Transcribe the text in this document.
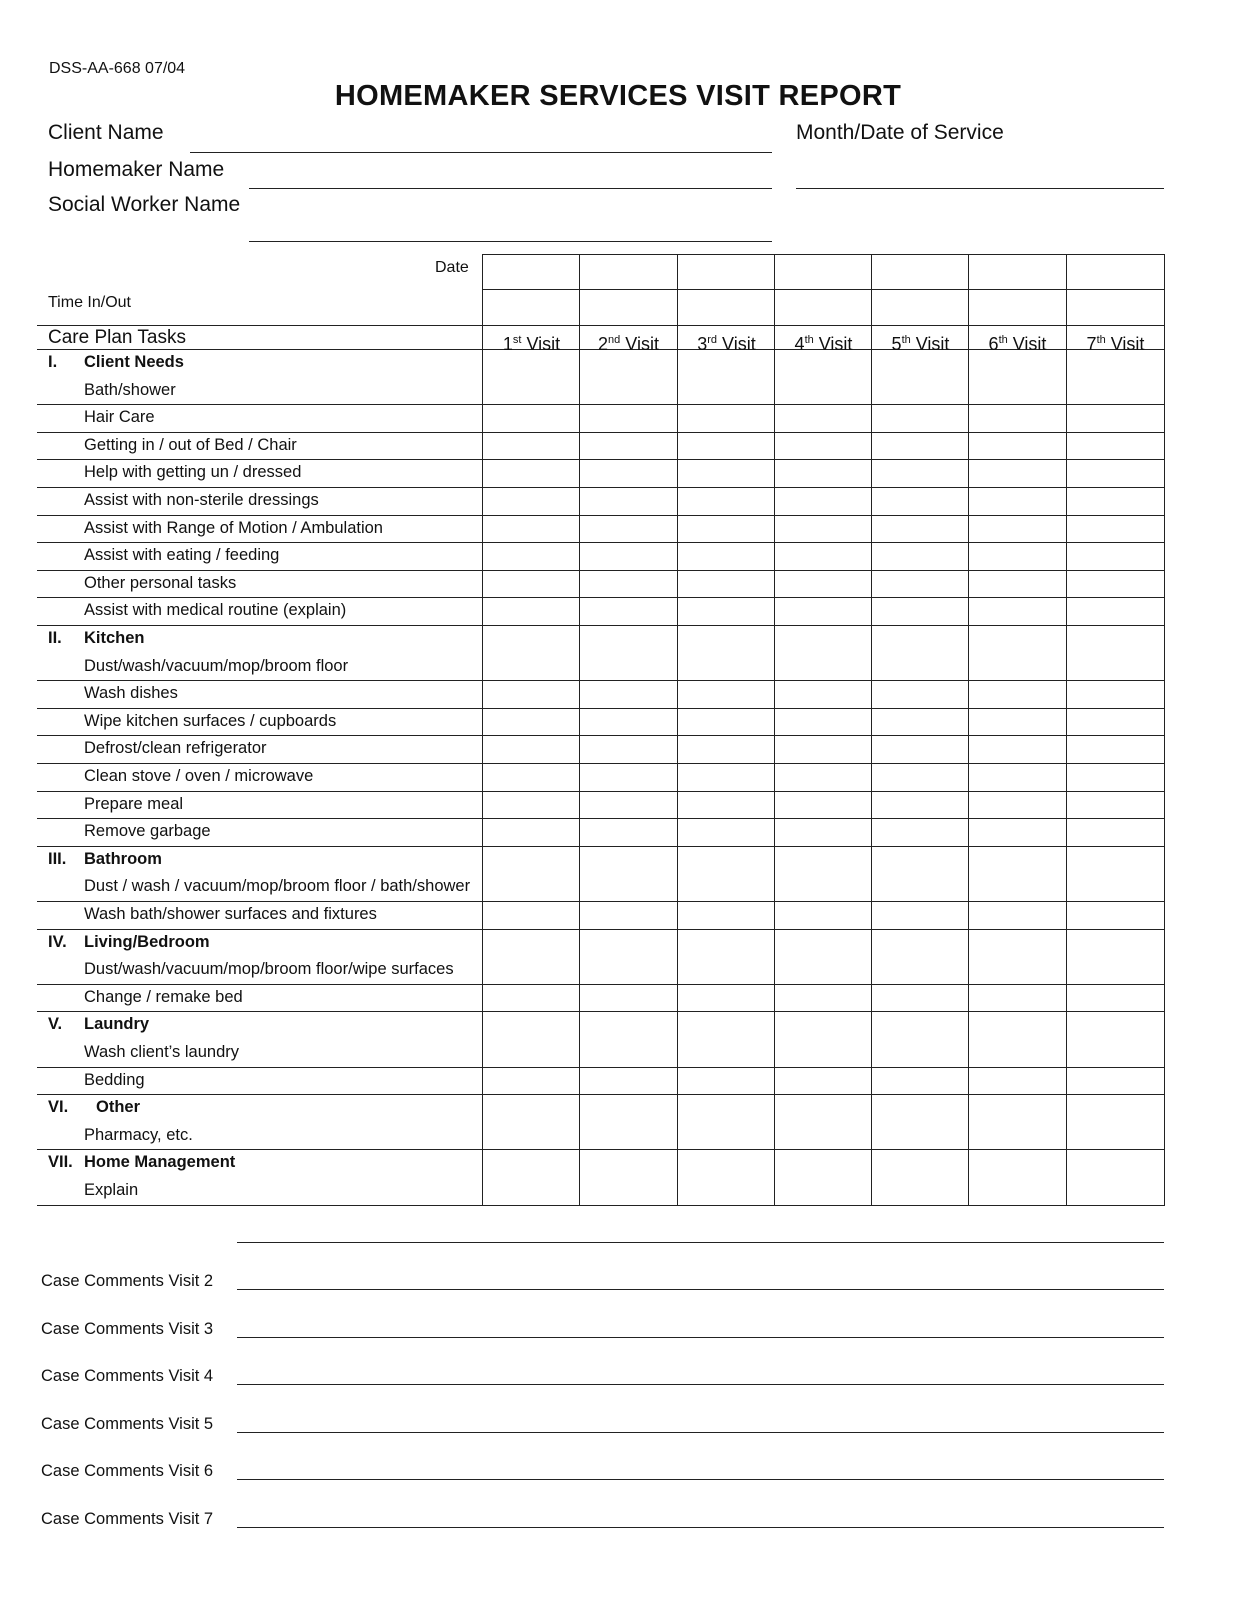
DSS-AA-668 07/04
HOMEMAKER SERVICES VISIT REPORT
Client Name
Homemaker Name
Social Worker Name
Month/Date of Service
Date
Time In/Out
Care Plan Tasks	1st Visit	2nd Visit	3rd Visit	4th Visit	5th Visit	6th Visit	7th Visit
I. Client Needs
Bath/shower
Hair Care
Getting in / out of Bed / Chair
Help with getting un / dressed
Assist with non-sterile dressings
Assist with Range of Motion / Ambulation
Assist with eating / feeding
Other personal tasks
Assist with medical routine (explain)
II. Kitchen
Dust/wash/vacuum/mop/broom floor
Wash dishes
Wipe kitchen surfaces / cupboards
Defrost/clean refrigerator
Clean stove / oven / microwave
Prepare meal
Remove garbage
III. Bathroom
Dust / wash / vacuum/mop/broom floor / bath/shower
Wash bath/shower surfaces and fixtures
IV. Living/Bedroom
Dust/wash/vacuum/mop/broom floor/wipe surfaces
Change / remake bed
V. Laundry
Wash client’s laundry
Bedding
VI. Other
Pharmacy, etc.
VII. Home Management
Explain
Case Comments Visit 2
Case Comments Visit 3
Case Comments Visit 4
Case Comments Visit 5
Case Comments Visit 6
Case Comments Visit 7
